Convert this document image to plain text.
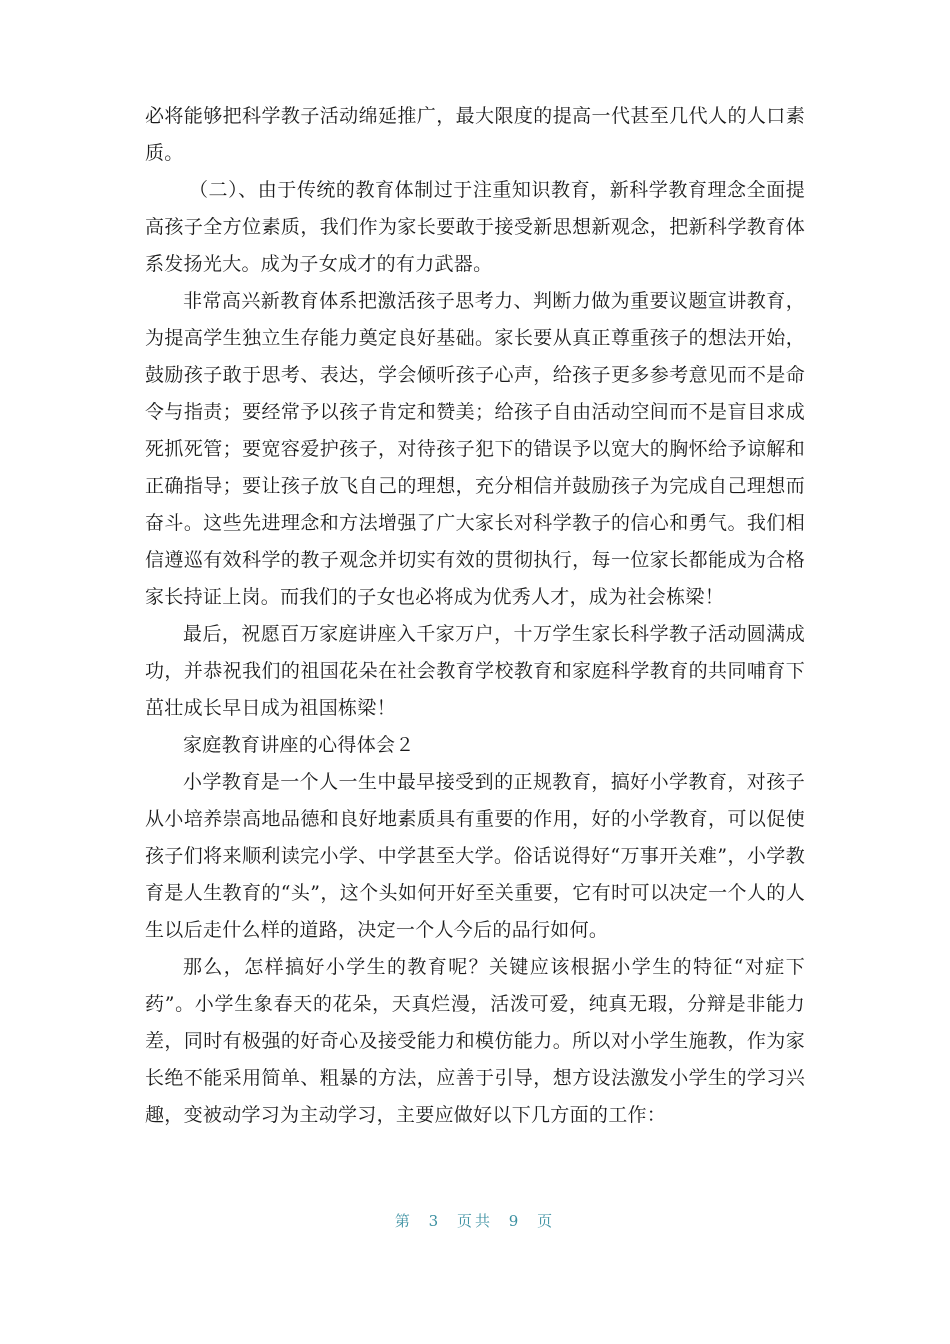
必将能够把科学教子活动绵延推广，最大限度的提高一代甚至几代人的人口素质。

（二）、由于传统的教育体制过于注重知识教育，新科学教育理念全面提高孩子全方位素质，我们作为家长要敢于接受新思想新观念，把新科学教育体系发扬光大。成为子女成才的有力武器。

非常高兴新教育体系把激活孩子思考力、判断力做为重要议题宣讲教育，为提高学生独立生存能力奠定良好基础。家长要从真正尊重孩子的想法开始，鼓励孩子敢于思考、表达，学会倾听孩子心声，给孩子更多参考意见而不是命令与指责；要经常予以孩子肯定和赞美；给孩子自由活动空间而不是盲目求成死抓死管；要宽容爱护孩子，对待孩子犯下的错误予以宽大的胸怀给予谅解和正确指导；要让孩子放飞自己的理想，充分相信并鼓励孩子为完成自己理想而奋斗。这些先进理念和方法增强了广大家长对科学教子的信心和勇气。我们相信遵巡有效科学的教子观念并切实有效的贯彻执行，每一位家长都能成为合格家长持证上岗。而我们的子女也必将成为优秀人才，成为社会栋梁！

最后，祝愿百万家庭讲座入千家万户，十万学生家长科学教子活动圆满成功，并恭祝我们的祖国花朵在社会教育学校教育和家庭科学教育的共同哺育下茁壮成长早日成为祖国栋梁！

家庭教育讲座的心得体会２

小学教育是一个人一生中最早接受到的正规教育，搞好小学教育，对孩子从小培养崇高地品德和良好地素质具有重要的作用，好的小学教育，可以促使孩子们将来顺利读完小学、中学甚至大学。俗话说得好“万事开关难”，小学教育是人生教育的“头”，这个头如何开好至关重要，它有时可以决定一个人的人生以后走什么样的道路，决定一个人今后的品行如何。

那么，怎样搞好小学生的教育呢？关键应该根据小学生的特征“对症下药”。小学生象春天的花朵，天真烂漫，活泼可爱，纯真无瑕，分辩是非能力差，同时有极强的好奇心及接受能力和模仿能力。所以对小学生施教，作为家长绝不能采用简单、粗暴的方法，应善于引导，想方设法激发小学生的学习兴趣，变被动学习为主动学习，主要应做好以下几方面的工作：

第 3 页共 9 页
